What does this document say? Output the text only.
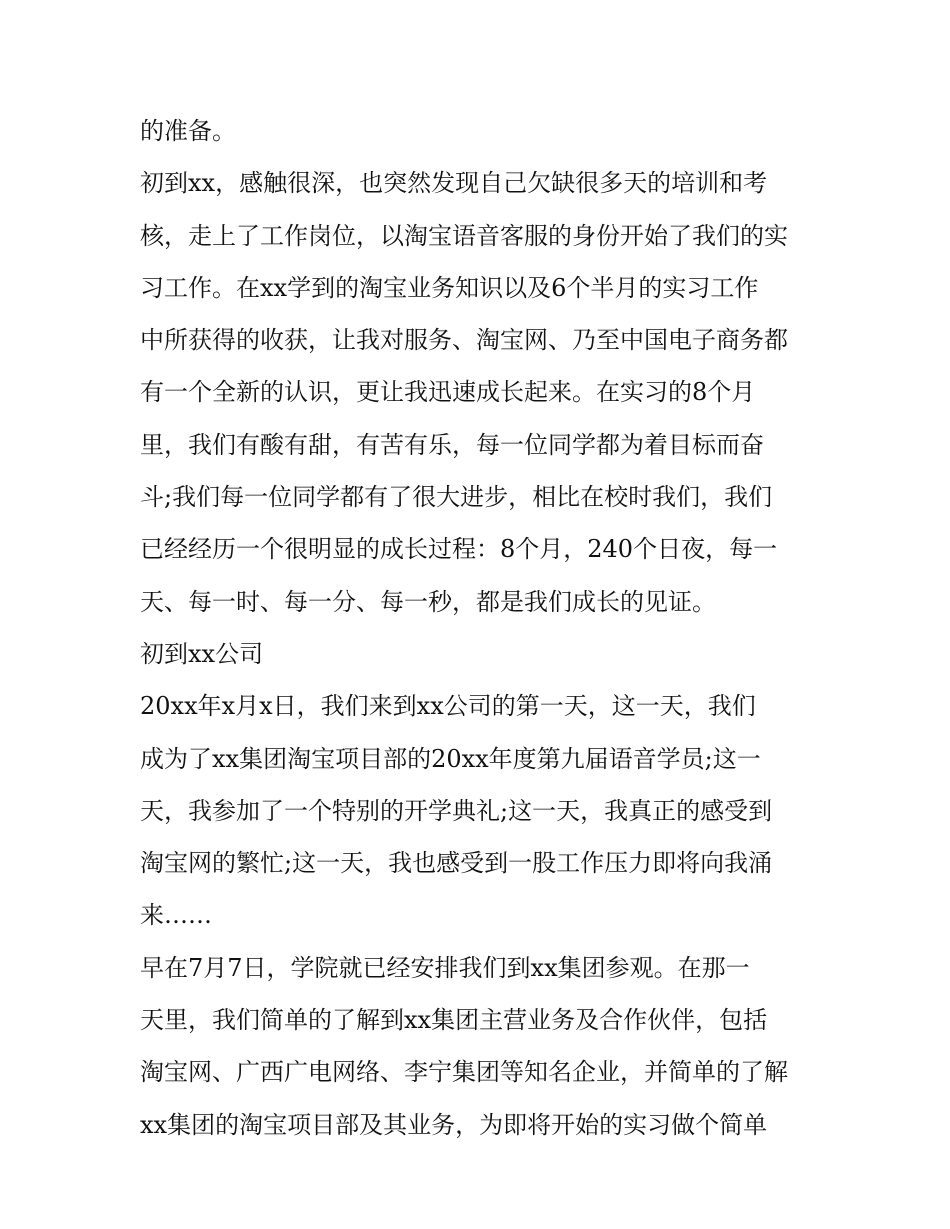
的准备。
初到xx，感触很深，也突然发现自己欠缺很多天的培训和考
核，走上了工作岗位，以淘宝语音客服的身份开始了我们的实
习工作。在xx学到的淘宝业务知识以及6个半月的实习工作
中所获得的收获，让我对服务、淘宝网、乃至中国电子商务都
有一个全新的认识，更让我迅速成长起来。在实习的8个月
里，我们有酸有甜，有苦有乐，每一位同学都为着目标而奋
斗;我们每一位同学都有了很大进步，相比在校时我们，我们
已经经历一个很明显的成长过程：8个月，240个日夜，每一
天、每一时、每一分、每一秒，都是我们成长的见证。
初到xx公司
20xx年x月x日，我们来到xx公司的第一天，这一天，我们
成为了xx集团淘宝项目部的20xx年度第九届语音学员;这一
天，我参加了一个特别的开学典礼;这一天，我真正的感受到
淘宝网的繁忙;这一天，我也感受到一股工作压力即将向我涌
来……
早在7月7日，学院就已经安排我们到xx集团参观。在那一
天里，我们简单的了解到xx集团主营业务及合作伙伴，包括
淘宝网、广西广电网络、李宁集团等知名企业，并简单的了解
xx集团的淘宝项目部及其业务，为即将开始的实习做个简单
